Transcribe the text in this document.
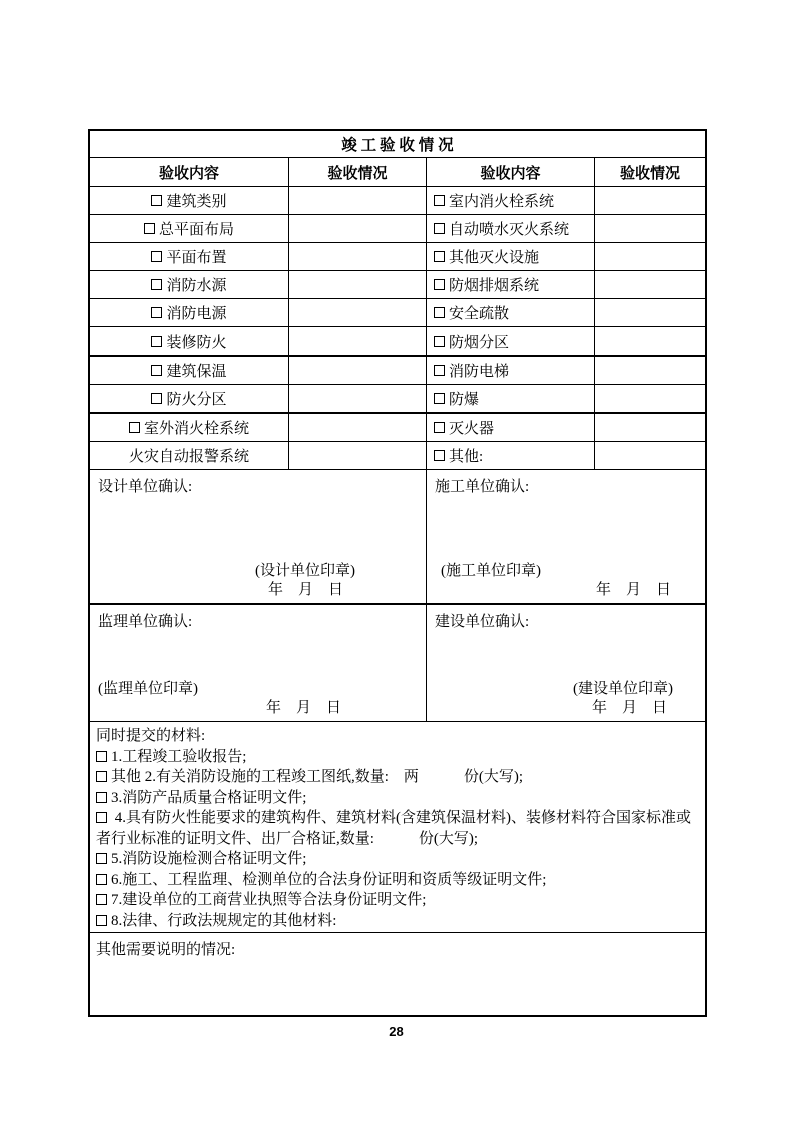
竣 工 验 收 情 况
验收内容	验收情况	验收内容	验收情况
建筑类别	室内消火栓系统
总平面布局	自动喷水灭火系统
平面布置	其他灭火设施
消防水源	防烟排烟系统
消防电源	安全疏散
装修防火	防烟分区
建筑保温	消防电梯
防火分区	防爆
室外消火栓系统	灭火器
火灾自动报警系统	其他:
设计单位确认:
(设计单位印章)
年　月　日
施工单位确认:
(施工单位印章)
年　月　日
监理单位确认:
(监理单位印章)
年　月　日
建设单位确认:
(建设单位印章)
年　月　日
同时提交的材料:
1.工程竣工验收报告;
其他 2.有关消防设施的工程竣工图纸,数量:　两　　　份(大写);
3.消防产品质量合格证明文件;
4.具有防火性能要求的建筑构件、建筑材料(含建筑保温材料)、装修材料符合国家标准或者行业标准的证明文件、出厂合格证,数量:　　　份(大写);
5.消防设施检测合格证明文件;
6.施工、工程监理、检测单位的合法身份证明和资质等级证明文件;
7.建设单位的工商营业执照等合法身份证明文件;
8.法律、行政法规规定的其他材料:
其他需要说明的情况:
28
